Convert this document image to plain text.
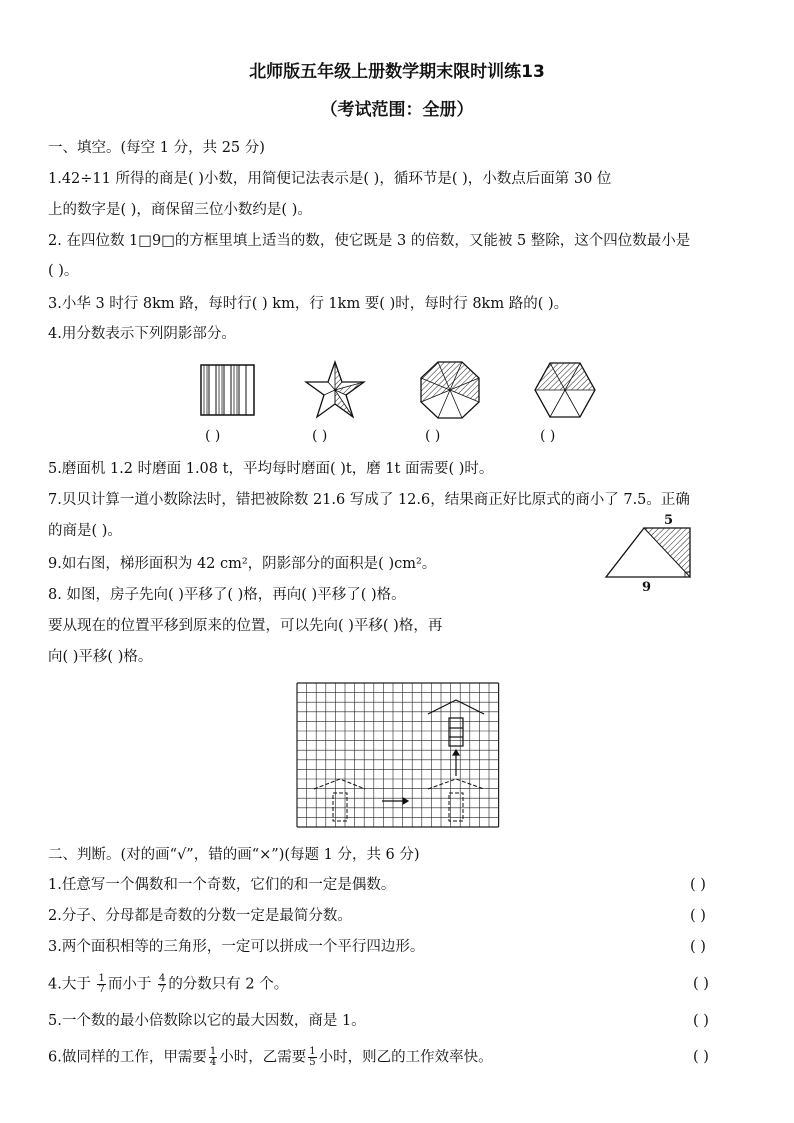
北师版五年级上册数学期末限时训练13
（考试范围：全册）
一、填空。(每空 1 分，共 25 分)
1.42÷11 所得的商是( )小数，用简便记法表示是( )，循环节是( )，小数点后面第 30 位
上的数字是( )，商保留三位小数约是( )。
2. 在四位数 1□9□的方框里填上适当的数，使它既是 3 的倍数，又能被 5 整除，这个四位数最小是
( )。
3.小华 3 时行 8km 路，每时行( ) km，行 1km 要( )时，每时行 8km 路的( )。
4.用分数表示下列阴影部分。
( )	( )	( )	( )
5.磨面机 1.2 时磨面 1.08 t，平均每时磨面( )t，磨 1t 面需要( )时。
7.贝贝计算一道小数除法时，错把被除数 21.6 写成了 12.6，结果商正好比原式的商小了 7.5。正确
的商是( )。
9.如右图，梯形面积为 42 cm²，阴影部分的面积是( )cm²。
5
9
8. 如图，房子先向( )平移了( )格，再向( )平移了( )格。
要从现在的位置平移到原来的位置，可以先向( )平移( )格，再
向( )平移( )格。
二、判断。(对的画“√”，错的画“×”)(每题 1 分，共 6 分)
1.任意写一个偶数和一个奇数，它们的和一定是偶数。	( )
2.分子、分母都是奇数的分数一定是最简分数。	( )
3.两个面积相等的三角形，一定可以拼成一个平行四边形。	( )
4.大于 $\frac{1}{7}$ 而小于 $\frac{4}{7}$ 的分数只有 2 个。	( )
5.一个数的最小倍数除以它的最大因数，商是 1。	( )
6.做同样的工作，甲需要 $\frac{1}{4}$ 小时，乙需要 $\frac{1}{5}$ 小时，则乙的工作效率快。	( )
